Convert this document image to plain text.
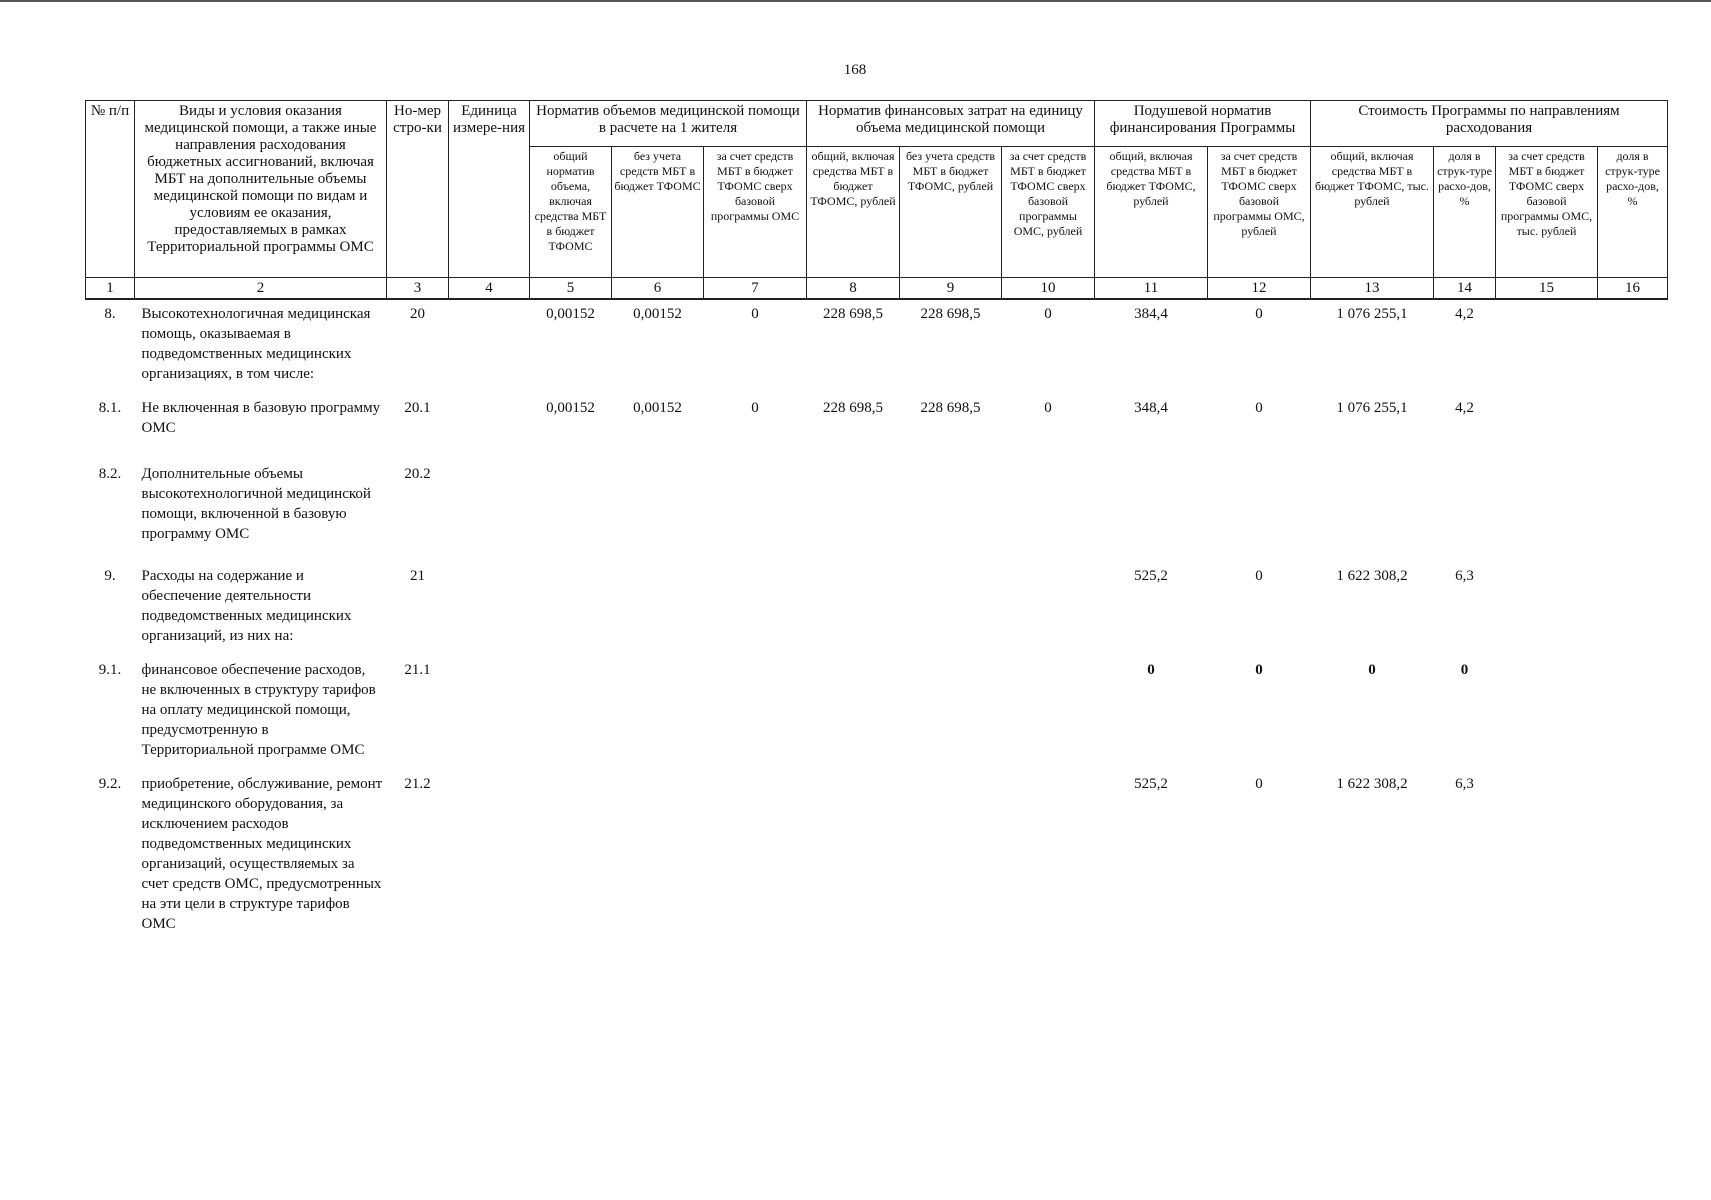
168
№ п/п	Виды и условия оказания медицинской помощи, а также иные направления расходования бюджетных ассигнований, включая МБТ на дополнительные объемы медицинской помощи по видам и условиям ее оказания, предоставляемых в рамках Территориальной программы ОМС	Но-мер стро-ки	Единица измере-ния	Норматив объемов медицинской помощи в расчете на 1 жителя			Норматив финансовых затрат на единицу объема медицинской помощи			Подушевой норматив финансирования Программы		Стоимость Программы по направлениям расходования			
				общий норматив объема, включая средства МБТ в бюджет ТФОМС	без учета средств МБТ в бюджет ТФОМС	за счет средств МБТ в бюджет ТФОМС сверх базовой программы ОМС	общий, включая средства МБТ в бюджет ТФОМС, рублей	без учета средств МБТ в бюджет ТФОМС, рублей	за счет средств МБТ в бюджет ТФОМС сверх базовой программы ОМС, рублей	общий, включая средства МБТ в бюджет ТФОМС, рублей	за счет средств МБТ в бюджет ТФОМС сверх базовой программы ОМС, рублей	общий, включая средства МБТ в бюджет ТФОМС, тыс. рублей	доля в струк-туре расхо-дов, %	за счет средств МБТ в бюджет ТФОМС сверх базовой программы ОМС, тыс. рублей	доля в струк-туре расхо-дов, %
1	2	3	4	5	6	7	8	9	10	11	12	13	14	15	16
8.	Высокотехнологичная медицинская помощь, оказываемая в подведомственных медицинских организациях, в том числе:	20		0,00152	0,00152	0	228 698,5	228 698,5	0	384,4	0	1 076 255,1	4,2		
8.1.	Не включенная в базовую программу ОМС	20.1		0,00152	0,00152	0	228 698,5	228 698,5	0	348,4	0	1 076 255,1	4,2		
8.2.	Дополнительные объемы высокотехнологичной медицинской помощи, включенной в базовую программу ОМС	20.2													
9.	Расходы на содержание и обеспечение деятельности подведомственных медицинских организаций, из них на:	21								525,2	0	1 622 308,2	6,3		
9.1.	финансовое обеспечение расходов, не включенных в структуру тарифов на оплату медицинской помощи, предусмотренную в Территориальной программе ОМС	21.1								0	0	0	0		
9.2.	приобретение, обслуживание, ремонт медицинского оборудования, за исключением расходов подведомственных медицинских организаций, осуществляемых за счет средств ОМС, предусмотренных на эти цели в структуре тарифов ОМС	21.2								525,2	0	1 622 308,2	6,3		
